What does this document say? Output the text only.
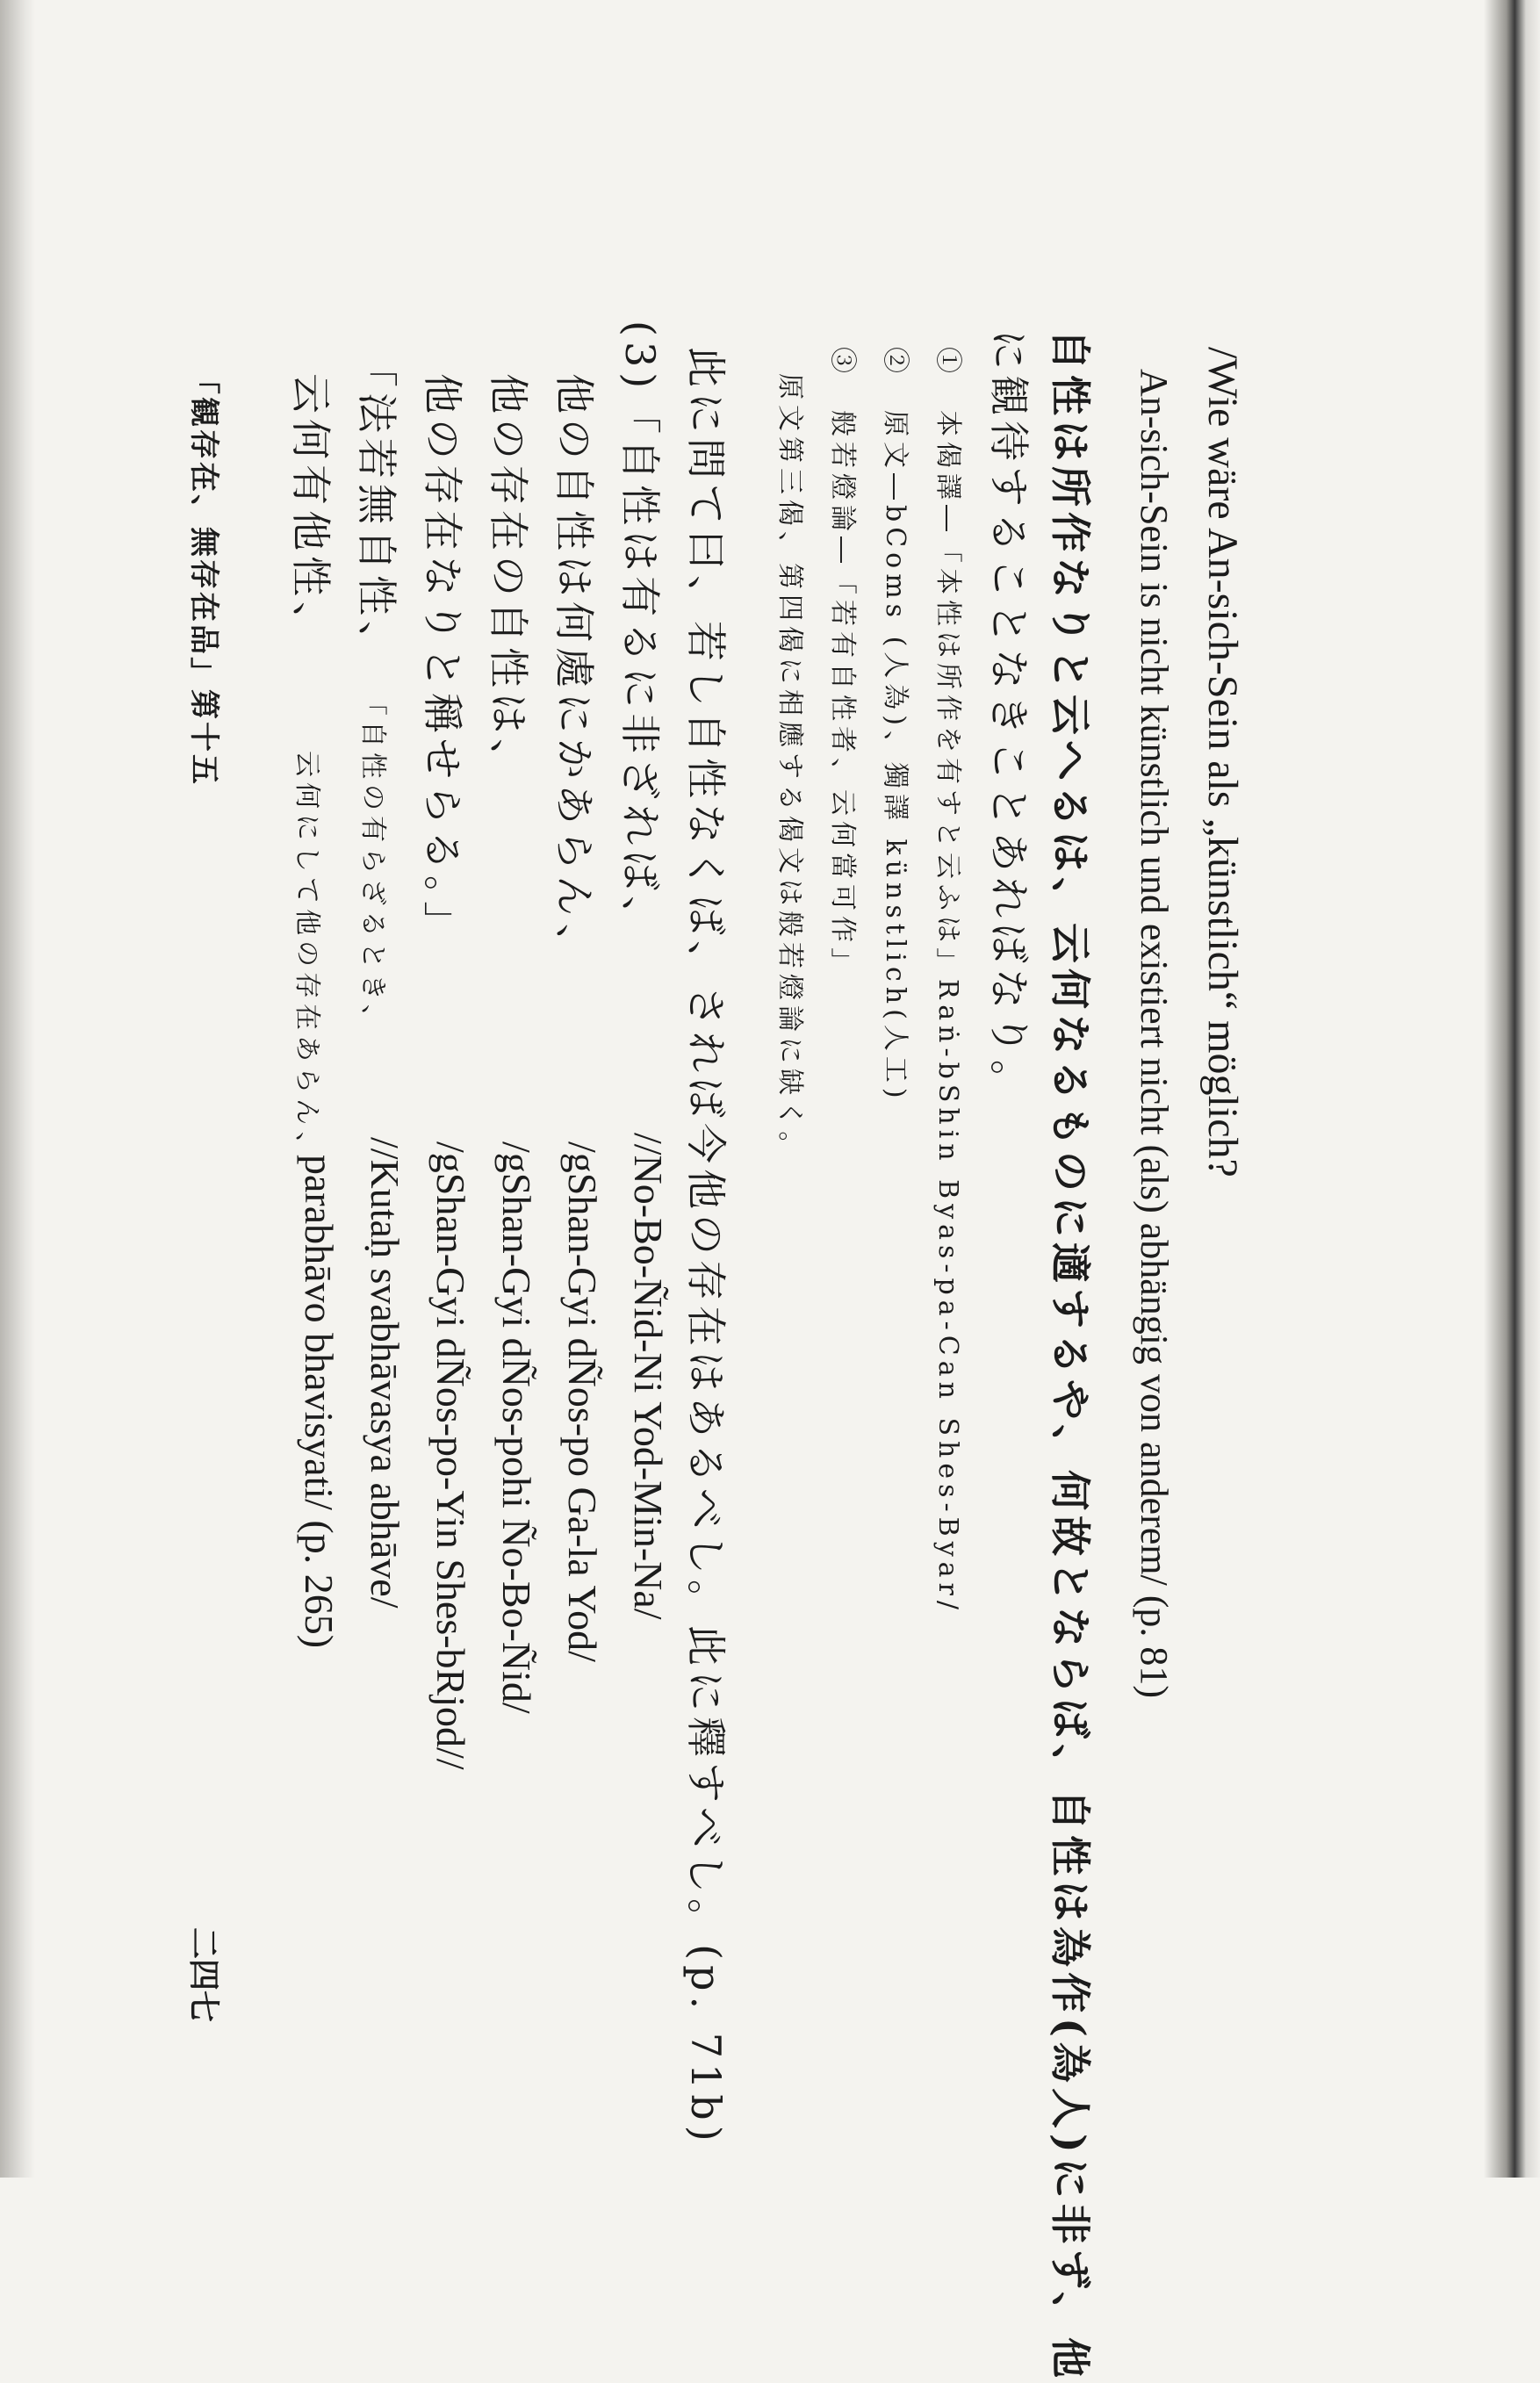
/Wie wäre An-sich-Sein als „künstlich“ möglich?
An-sich-Sein is nicht künstlich und existiert nicht (als) abhängig von anderem/ (p. 81)
自性は所作なりと云へるは、云何なるものに適するや、何故とならば、自性は為作(為人)に非ず、他
に観待することなきことあればなり。
①　本偈譯―「本性は所作を有すと云ふは」Raṅ-bShin Byas-pa-Can Shes-Byar/
②　原文―bComs (人為)、獨譯 künstlich(人工)
③　般若燈論―「若有自性者、云何當可作」
原文第三偈、第四偈に相應する偈文は般若燈論に缺く。
此に問て曰、若し自性なくば、されば今他の存在はあるべし。此に釋すべし。(p. 71b)
(3)「自性は有るに非ざれば、
//No-Bo-Ñid-Ni Yod-Min-Na/
他の自性は何處にかあらん、
/gShan-Gyi dÑos-po Ga-la Yod/
他の存在の自性は、
/gShan-Gyi dÑos-pohi Ño-Bo-Ñid/
他の存在なりと稱せらる。」
/gShan-Gyi dÑos-po-Yin Shes-bRjod//
「法若無自性、
「自性の有らざるとき、
//Kutaḥ svabhāvasya abhāve/
云何有他性、
云何にして他の存在あらん、
parabhāvo bhavisyati/ (p. 265)
「観存在、無存在品」第十五
二四七
